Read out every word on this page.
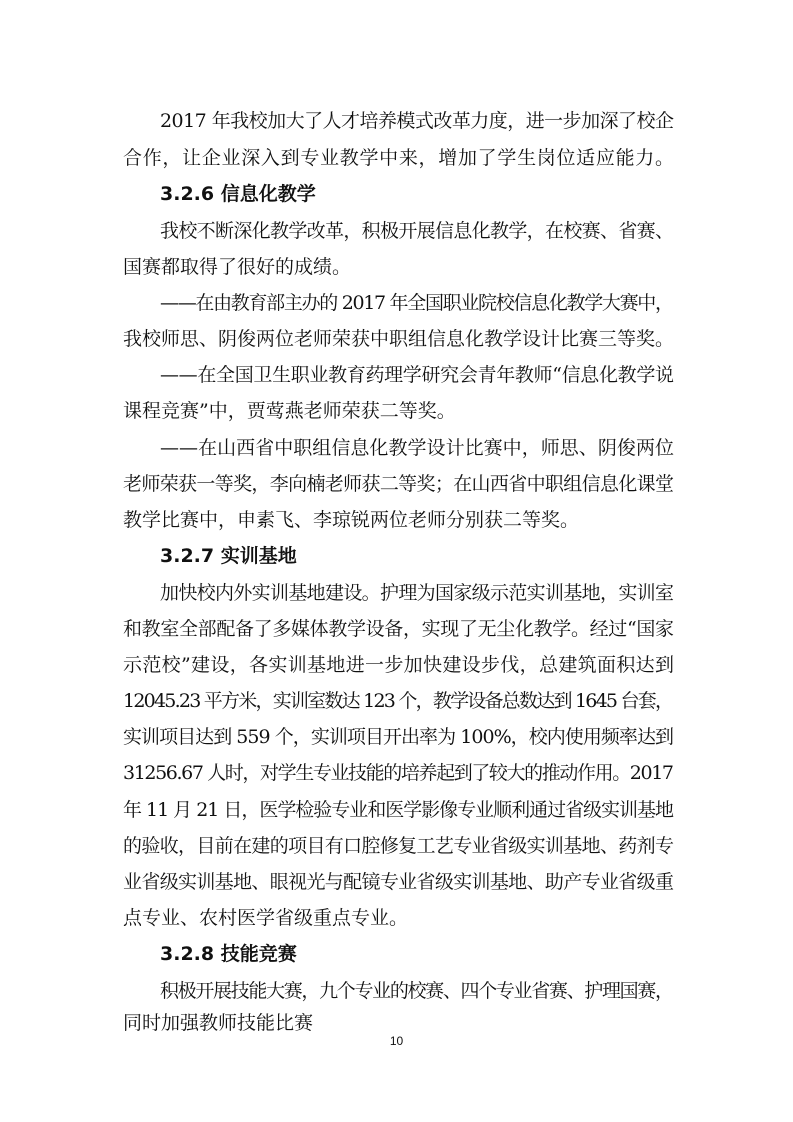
2017 年我校加大了人才培养模式改革力度，进一步加深了校企
合作，让企业深入到专业教学中来，增加了学生岗位适应能力。
3.2.6 信息化教学
我校不断深化教学改革，积极开展信息化教学，在校赛、省赛、
国赛都取得了很好的成绩。
——在由教育部主办的 2017 年全国职业院校信息化教学大赛中，
我校师思、阴俊两位老师荣获中职组信息化教学设计比赛三等奖。
——在全国卫生职业教育药理学研究会青年教师“信息化教学说
课程竞赛”中，贾莺燕老师荣获二等奖。
——在山西省中职组信息化教学设计比赛中，师思、阴俊两位
老师荣获一等奖，李向楠老师获二等奖；在山西省中职组信息化课堂
教学比赛中，申素飞、李琼锐两位老师分别获二等奖。
3.2.7 实训基地
加快校内外实训基地建设。护理为国家级示范实训基地，实训室
和教室全部配备了多媒体教学设备，实现了无尘化教学。经过“国家
示范校”建设，各实训基地进一步加快建设步伐，总建筑面积达到
12045.23 平方米，实训室数达 123 个，教学设备总数达到 1645 台套，
实训项目达到 559 个，实训项目开出率为 100%，校内使用频率达到
31256.67 人时，对学生专业技能的培养起到了较大的推动作用。2017
年 11 月 21 日，医学检验专业和医学影像专业顺利通过省级实训基地
的验收，目前在建的项目有口腔修复工艺专业省级实训基地、药剂专
业省级实训基地、眼视光与配镜专业省级实训基地、助产专业省级重
点专业、农村医学省级重点专业。
3.2.8 技能竞赛
积极开展技能大赛，九个专业的校赛、四个专业省赛、护理国赛，
同时加强教师技能比赛
10
